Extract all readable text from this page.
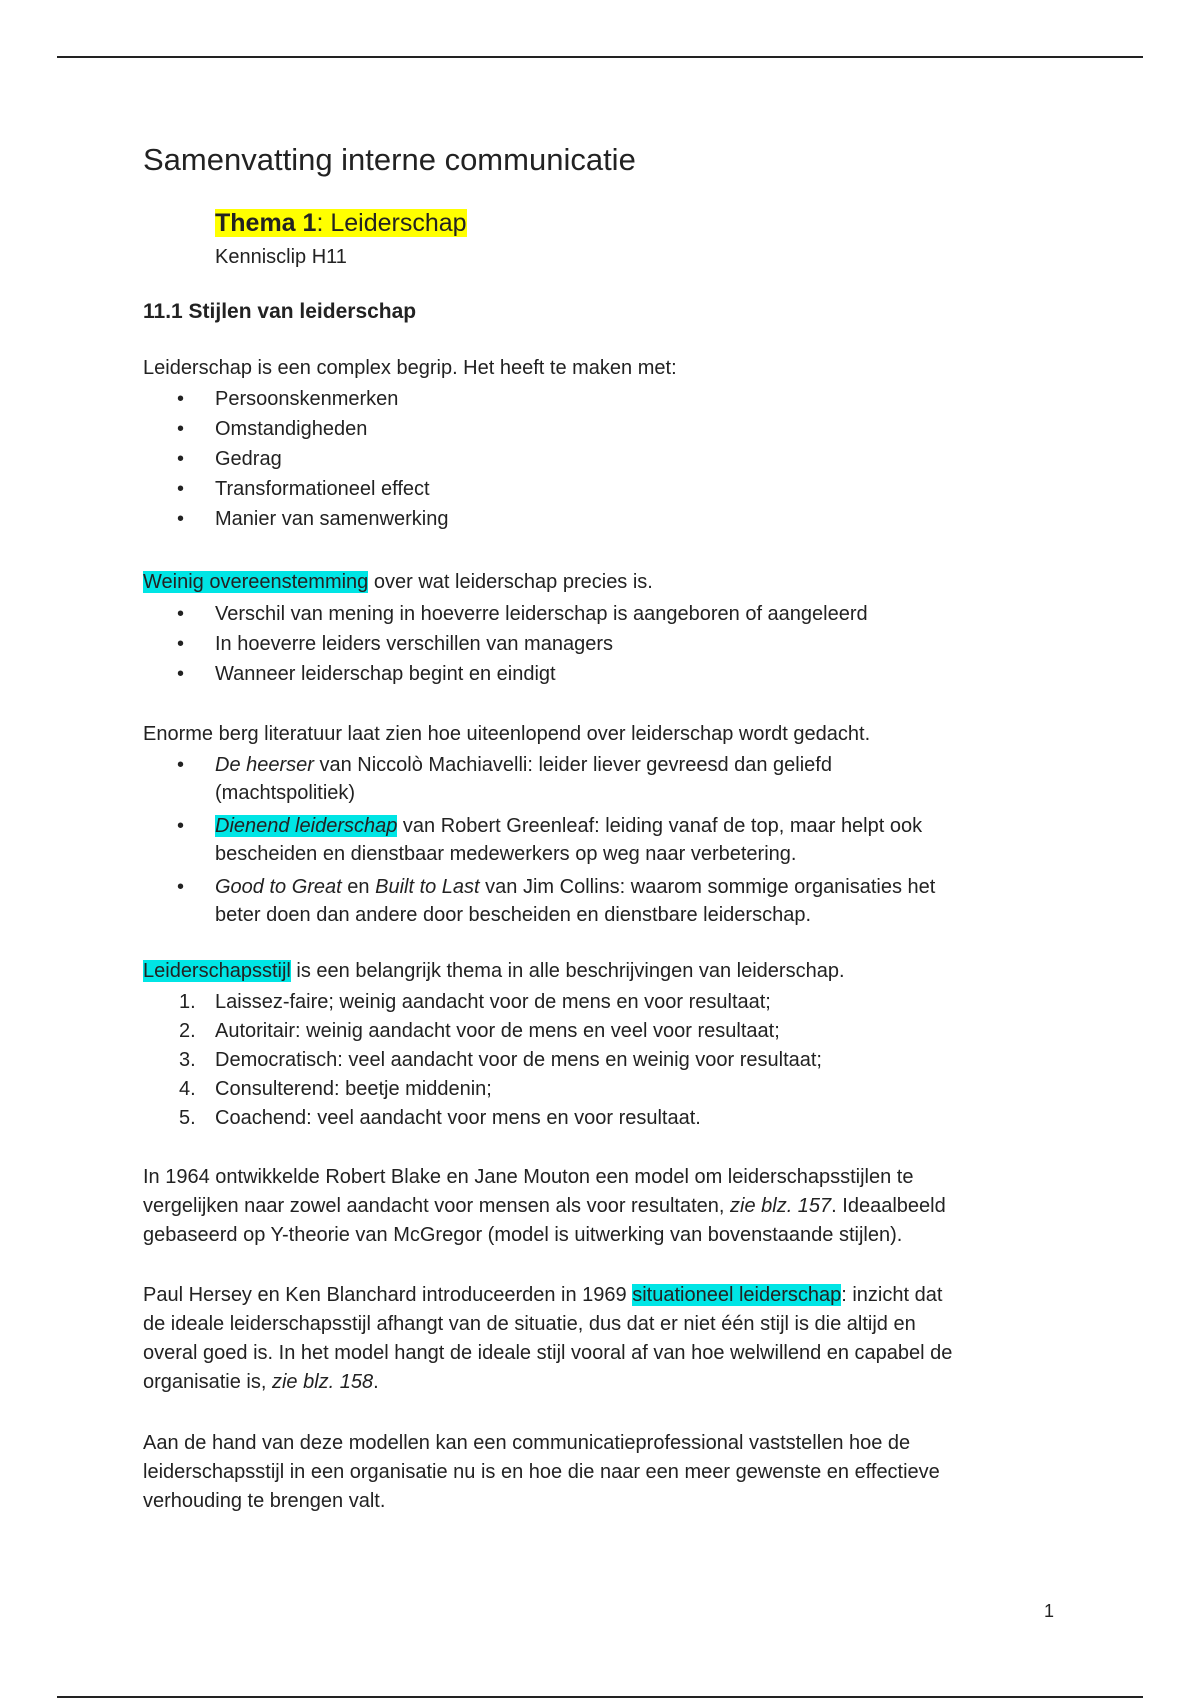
Samenvatting interne communicatie
Thema 1: Leiderschap
Kennisclip H11
11.1 Stijlen van leiderschap
Leiderschap is een complex begrip. Het heeft te maken met:
• Persoonskenmerken
• Omstandigheden
• Gedrag
• Transformationeel effect
• Manier van samenwerking
Weinig overeenstemming over wat leiderschap precies is.
• Verschil van mening in hoeverre leiderschap is aangeboren of aangeleerd
• In hoeverre leiders verschillen van managers
• Wanneer leiderschap begint en eindigt
Enorme berg literatuur laat zien hoe uiteenlopend over leiderschap wordt gedacht.
• De heerser van Niccolò Machiavelli: leider liever gevreesd dan geliefd
(machtspolitiek)
• Dienend leiderschap van Robert Greenleaf: leiding vanaf de top, maar helpt ook
bescheiden en dienstbaar medewerkers op weg naar verbetering.
• Good to Great en Built to Last van Jim Collins: waarom sommige organisaties het
beter doen dan andere door bescheiden en dienstbare leiderschap.
Leiderschapsstijl is een belangrijk thema in alle beschrijvingen van leiderschap.
1. Laissez-faire; weinig aandacht voor de mens en voor resultaat;
2. Autoritair: weinig aandacht voor de mens en veel voor resultaat;
3. Democratisch: veel aandacht voor de mens en weinig voor resultaat;
4. Consulterend: beetje middenin;
5. Coachend: veel aandacht voor mens en voor resultaat.
In 1964 ontwikkelde Robert Blake en Jane Mouton een model om leiderschapsstijlen te
vergelijken naar zowel aandacht voor mensen als voor resultaten, zie blz. 157. Ideaalbeeld
gebaseerd op Y-theorie van McGregor (model is uitwerking van bovenstaande stijlen).
Paul Hersey en Ken Blanchard introduceerden in 1969 situationeel leiderschap: inzicht dat
de ideale leiderschapsstijl afhangt van de situatie, dus dat er niet één stijl is die altijd en
overal goed is. In het model hangt de ideale stijl vooral af van hoe welwillend en capabel de
organisatie is, zie blz. 158.
Aan de hand van deze modellen kan een communicatieprofessional vaststellen hoe de
leiderschapsstijl in een organisatie nu is en hoe die naar een meer gewenste en effectieve
verhouding te brengen valt.
1
